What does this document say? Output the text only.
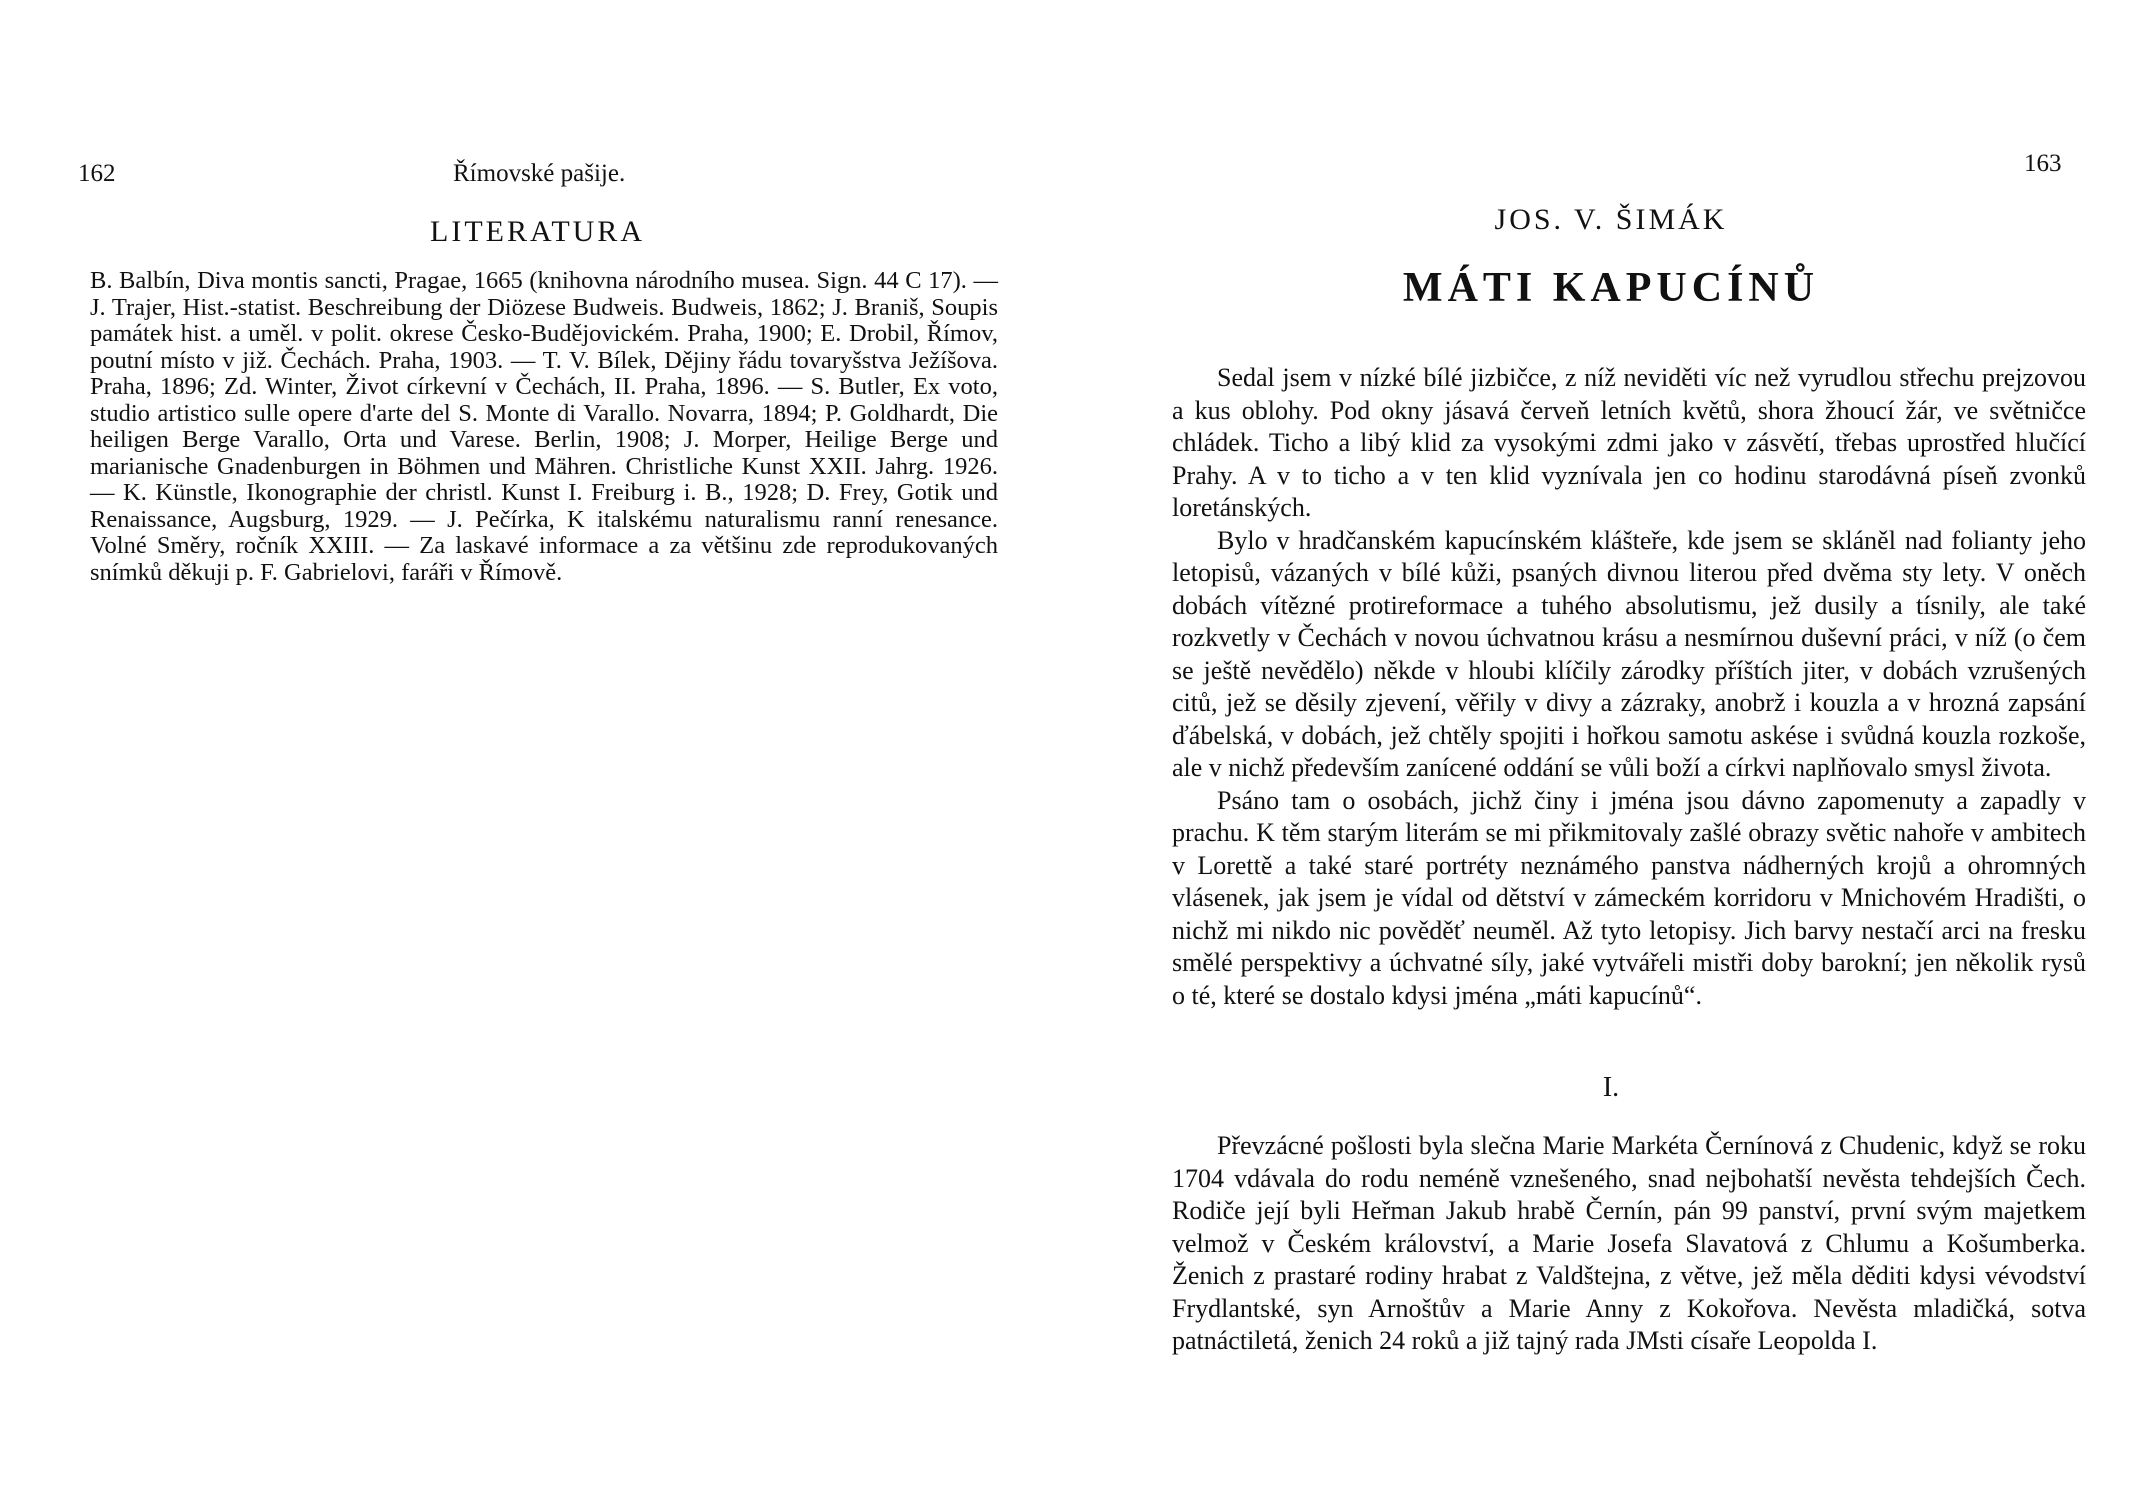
162	Římovské pašije.
LITERATURA

B. Balbín, Diva montis sancti, Pragae, 1665 (knihovna národního musea. Sign. 44 C 17). — J. Trajer, Hist.-statist. Beschreibung der Diözese Budweis. Budweis, 1862; J. Braniš, Soupis památek hist. a uměl. v polit. okrese Česko-Budějovickém. Praha, 1900; E. Drobil, Římov, poutní místo v již. Čechách. Praha, 1903. — T. V. Bílek, Dějiny řádu tovaryšstva Ježíšova. Praha, 1896; Zd. Winter, Život církevní v Čechách, II. Praha, 1896. — S. Butler, Ex voto, studio artistico sulle opere d'arte del S. Monte di Varallo. Novarra, 1894; P. Goldhardt, Die heiligen Berge Varallo, Orta und Varese. Berlin, 1908; J. Morper, Heilige Berge und marianische Gnadenburgen in Böhmen und Mähren. Christliche Kunst XXII. Jahrg. 1926. — K. Künstle, Ikonographie der christl. Kunst I. Freiburg i. B., 1928; D. Frey, Gotik und Renaissance, Augsburg, 1929. — J. Pečírka, K italskému naturalismu ranní renesance. Volné Směry, ročník XXIII. — Za laskavé informace a za většinu zde reprodukovaných snímků děkuji p. F. Gabrielovi, faráři v Římově.

163
JOS. V. ŠIMÁK
MÁTI KAPUCÍNŮ

Sedal jsem v nízké bílé jizbičce, z níž neviděti víc než vyrudlou střechu prejzovou a kus oblohy. Pod okny jásavá červeň letních květů, shora žhoucí žár, ve světničce chládek. Ticho a libý klid za vysokými zdmi jako v zásvětí, třebas uprostřed hlučící Prahy. A v to ticho a v ten klid vyznívala jen co hodinu starodávná píseň zvonků loretánských.

Bylo v hradčanském kapucínském klášteře, kde jsem se skláněl nad folianty jeho letopisů, vázaných v bílé kůži, psaných divnou literou před dvěma sty lety. V oněch dobách vítězné protireformace a tuhého absolutismu, jež dusily a tísnily, ale také rozkvetly v Čechách v novou úchvatnou krásu a nesmírnou duševní práci, v níž (o čem se ještě nevědělo) někde v hloubi klíčily zárodky příštích jiter, v dobách vzrušených citů, jež se děsily zjevení, věřily v divy a zázraky, anobrž i kouzla a v hrozná zapsání ďábelská, v dobách, jež chtěly spojiti i hořkou samotu askése i svůdná kouzla rozkoše, ale v nichž především zanícené oddání se vůli boží a církvi naplňovalo smysl života.

Psáno tam o osobách, jichž činy i jména jsou dávno zapomenuty a zapadly v prachu. K těm starým literám se mi přikmitovaly zašlé obrazy světic nahoře v ambitech v Lorettě a také staré portréty neznámého panstva nádherných krojů a ohromných vlásenek, jak jsem je vídal od dětství v zámeckém korridoru v Mnichovém Hradišti, o nichž mi nikdo nic pověděť neuměl. Až tyto letopisy. Jich barvy nestačí arci na fresku smělé perspektivy a úchvatné síly, jaké vytvářeli mistři doby barokní; jen několik rysů o té, které se dostalo kdysi jména „máti kapucínů“.

I.

Převzácné pošlosti byla slečna Marie Markéta Černínová z Chudenic, když se roku 1704 vdávala do rodu neméně vznešeného, snad nejbohatší nevěsta tehdejších Čech. Rodiče její byli Heřman Jakub hrabě Černín, pán 99 panství, první svým majetkem velmož v Českém království, a Marie Josefa Slavatová z Chlumu a Košumberka. Ženich z prastaré rodiny hrabat z Valdštejna, z větve, jež měla děditi kdysi vévodství Frydlantské, syn Arnoštův a Marie Anny z Kokořova. Nevěsta mladičká, sotva patnáctiletá, ženich 24 roků a již tajný rada JMsti císaře Leopolda I.
